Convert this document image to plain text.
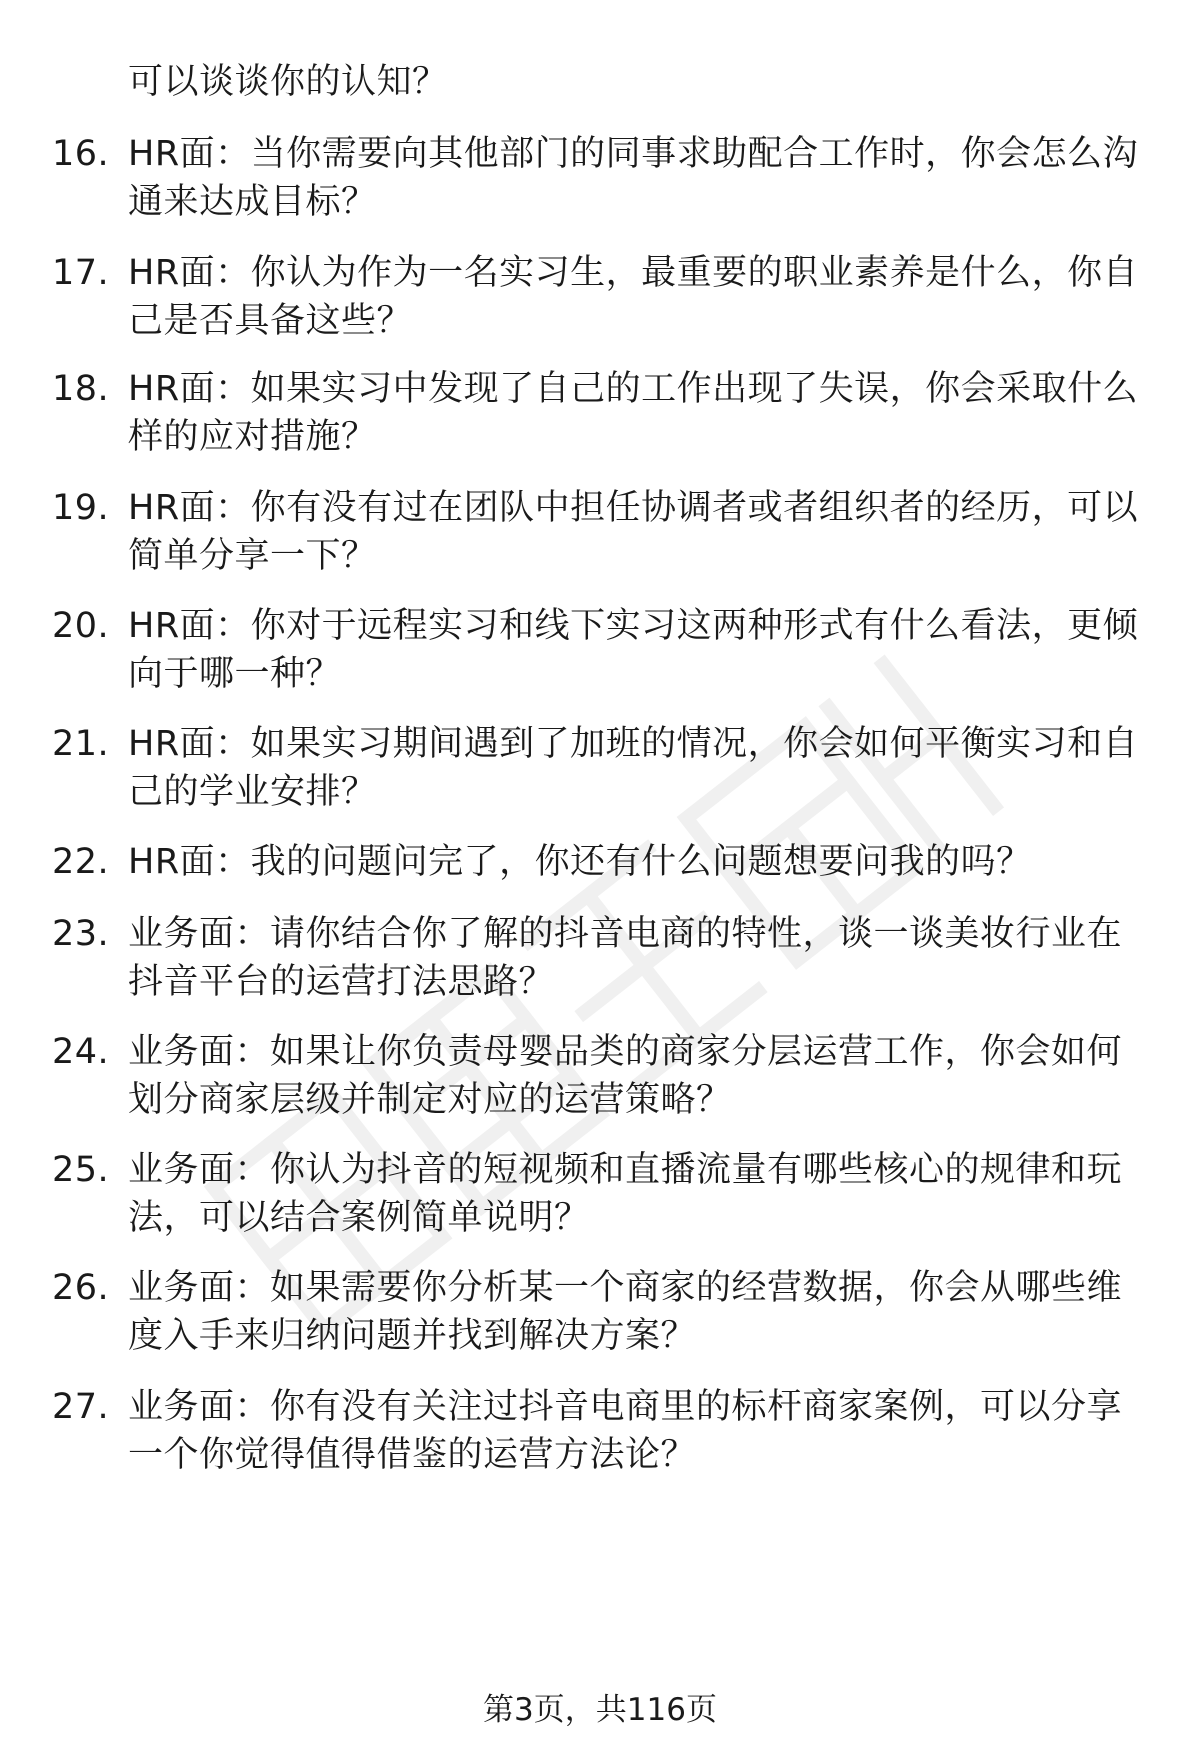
可以谈谈你的认知？
16. HR面：当你需要向其他部门的同事求助配合工作时，你会怎么沟
通来达成目标？
17. HR面：你认为作为一名实习生，最重要的职业素养是什么，你自
己是否具备这些？
18. HR面：如果实习中发现了自己的工作出现了失误，你会采取什么
样的应对措施？
19. HR面：你有没有过在团队中担任协调者或者组织者的经历，可以
简单分享一下？
20. HR面：你对于远程实习和线下实习这两种形式有什么看法，更倾
向于哪一种？
21. HR面：如果实习期间遇到了加班的情况，你会如何平衡实习和自
己的学业安排？
22. HR面：我的问题问完了，你还有什么问题想要问我的吗？
23. 业务面：请你结合你了解的抖音电商的特性，谈一谈美妆行业在
抖音平台的运营打法思路？
24. 业务面：如果让你负责母婴品类的商家分层运营工作，你会如何
划分商家层级并制定对应的运营策略？
25. 业务面：你认为抖音的短视频和直播流量有哪些核心的规律和玩
法，可以结合案例简单说明？
26. 业务面：如果需要你分析某一个商家的经营数据，你会从哪些维
度入手来归纳问题并找到解决方案？
27. 业务面：你有没有关注过抖音电商里的标杆商家案例，可以分享
一个你觉得值得借鉴的运营方法论？
第3页，共116页
